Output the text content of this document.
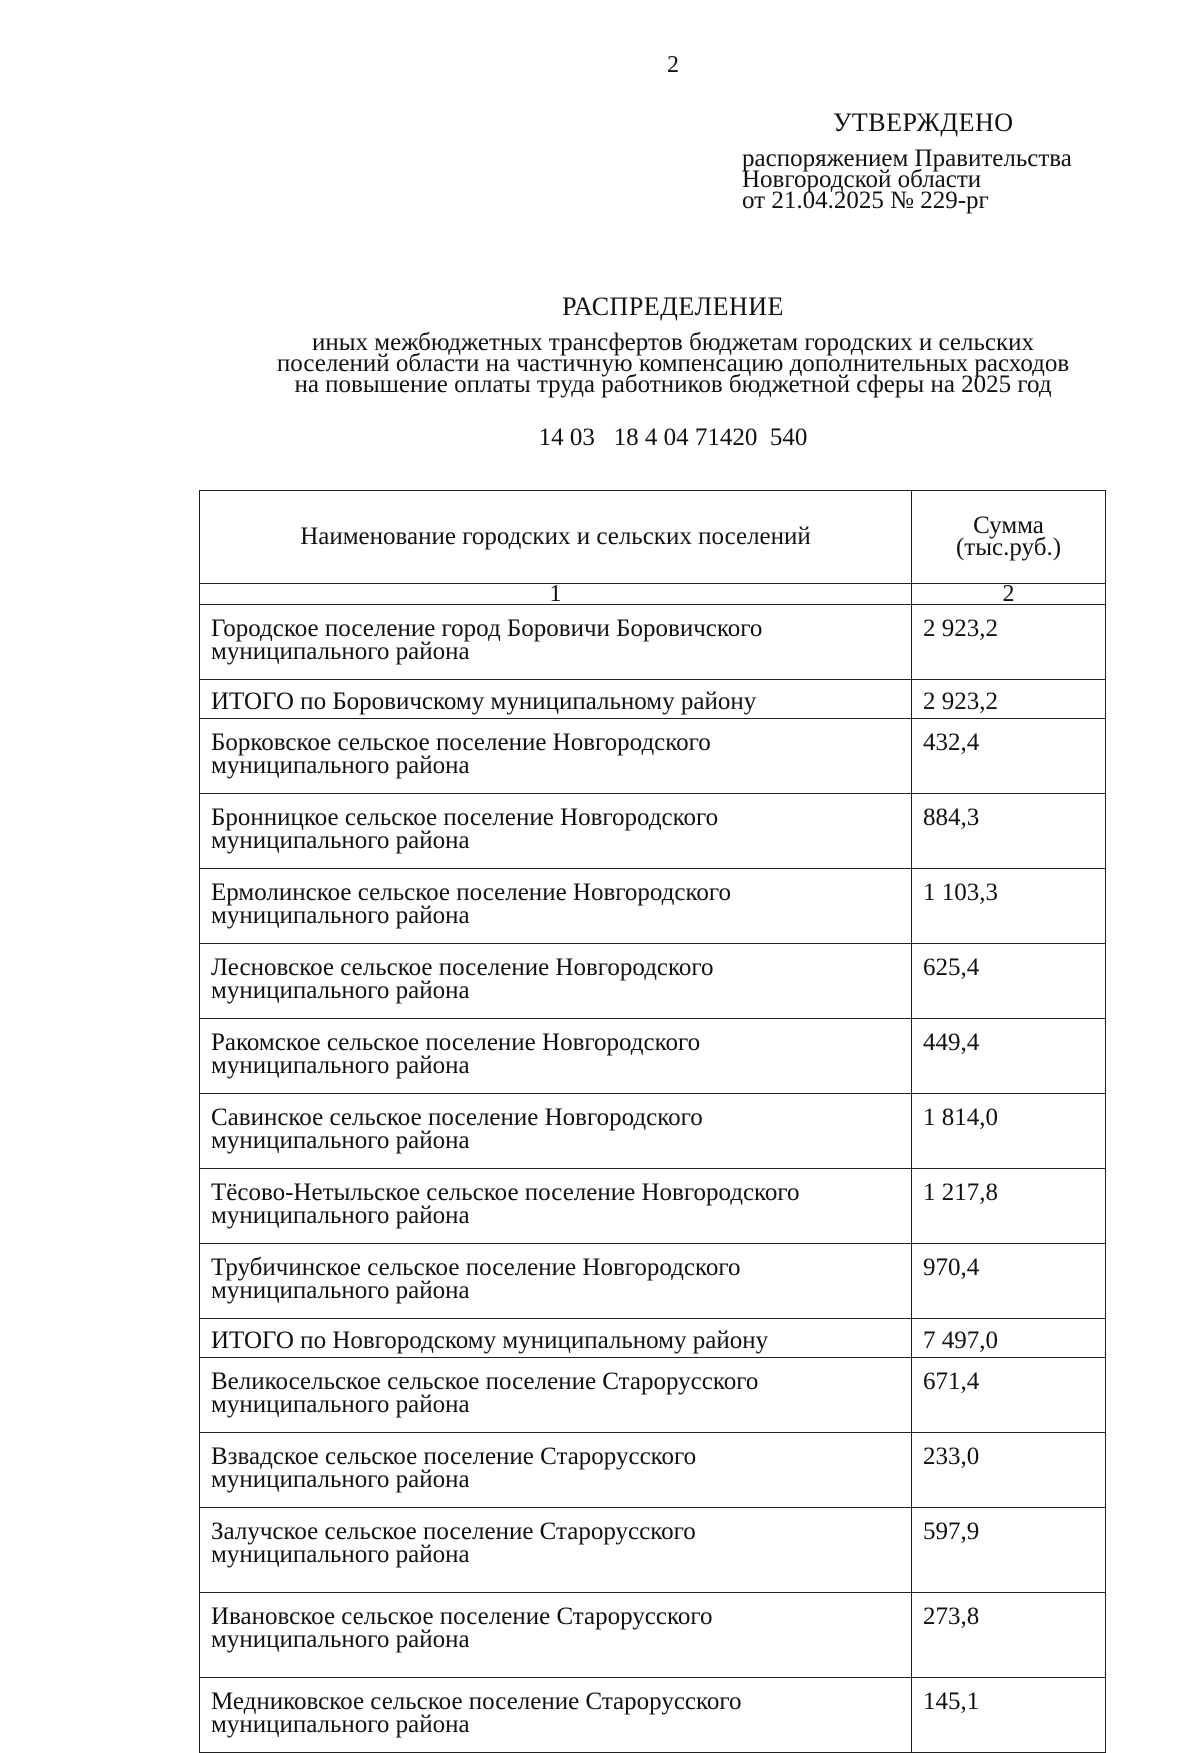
2
УТВЕРЖДЕНО
распоряжением Правительства
Новгородской области
от 21.04.2025 № 229-рг
РАСПРЕДЕЛЕНИЕ
иных межбюджетных трансфертов бюджетам городских и сельских
поселений области на частичную компенсацию дополнительных расходов
на повышение оплаты труда работников бюджетной сферы на 2025 год
14 03   18 4 04 71420  540
Наименование городских и сельских поселений	Сумма
(тыс.руб.)

1	2

Городское поселение город Боровичи Боровичского
муниципального района	2 923,2

ИТОГО по Боровичскому муниципальному району	2 923,2

Борковское сельское поселение Новгородского
муниципального района	432,4

Бронницкое сельское поселение Новгородского
муниципального района	884,3

Ермолинское сельское поселение Новгородского
муниципального района	1 103,3

Лесновское сельское поселение Новгородского
муниципального района	625,4

Ракомское сельское поселение Новгородского
муниципального района	449,4

Савинское сельское поселение Новгородского
муниципального района	1 814,0

Тёсово-Нетыльское сельское поселение Новгородского
муниципального района	1 217,8

Трубичинское сельское поселение Новгородского
муниципального района	970,4

ИТОГО по Новгородскому муниципальному району	7 497,0

Великосельское сельское поселение Старорусского
муниципального района	671,4

Взвадское сельское поселение Старорусского
муниципального района	233,0

Залучское сельское поселение Старорусского
муниципального района	597,9

Ивановское сельское поселение Старорусского
муниципального района	273,8

Медниковское сельское поселение Старорусского
муниципального района	145,1
